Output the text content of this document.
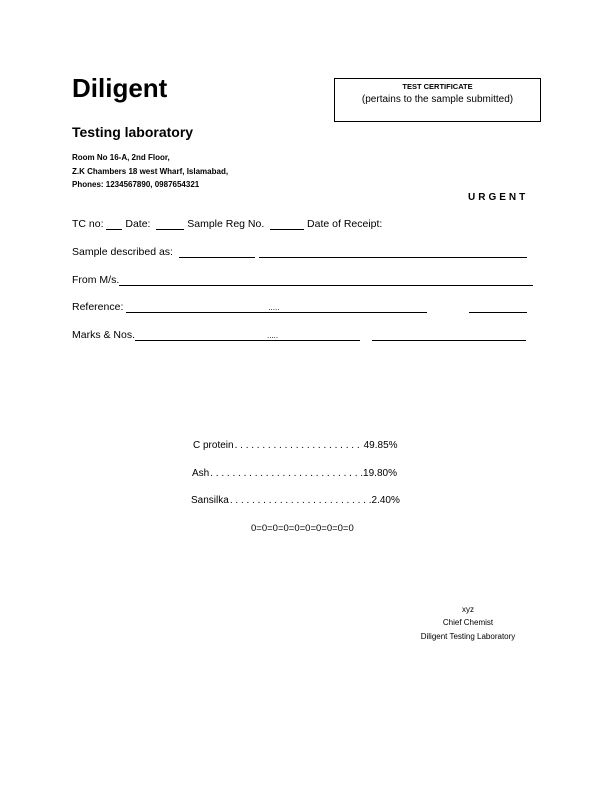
Diligent
Testing laboratory
Room No 16-A, 2nd Floor,
Z.K Chambers 18 west Wharf, Islamabad,
Phones: 1234567890, 0987654321
TEST CERTIFICATE
(pertains to the sample submitted)
URGENT
TC no:

Date:

	Sample Reg No.

	Date of Receipt:
Sample described as:

From M/s.
Reference:
	.....
Marks & Nos.	.....
C protein . . . . . . . . . . . . . . . . . . . . . . . 49.85%
Ash . . . . . . . . . . . . . . . . . . . . . . . . . . . . 19.80%
Sansilka . . . . . . . . . . . . . . . . . . . . . . . . . . 2.40%
0=0=0=0=0=0=0=0=0=0
xyz
Chief Chemist
Diligent Testing Laboratory
